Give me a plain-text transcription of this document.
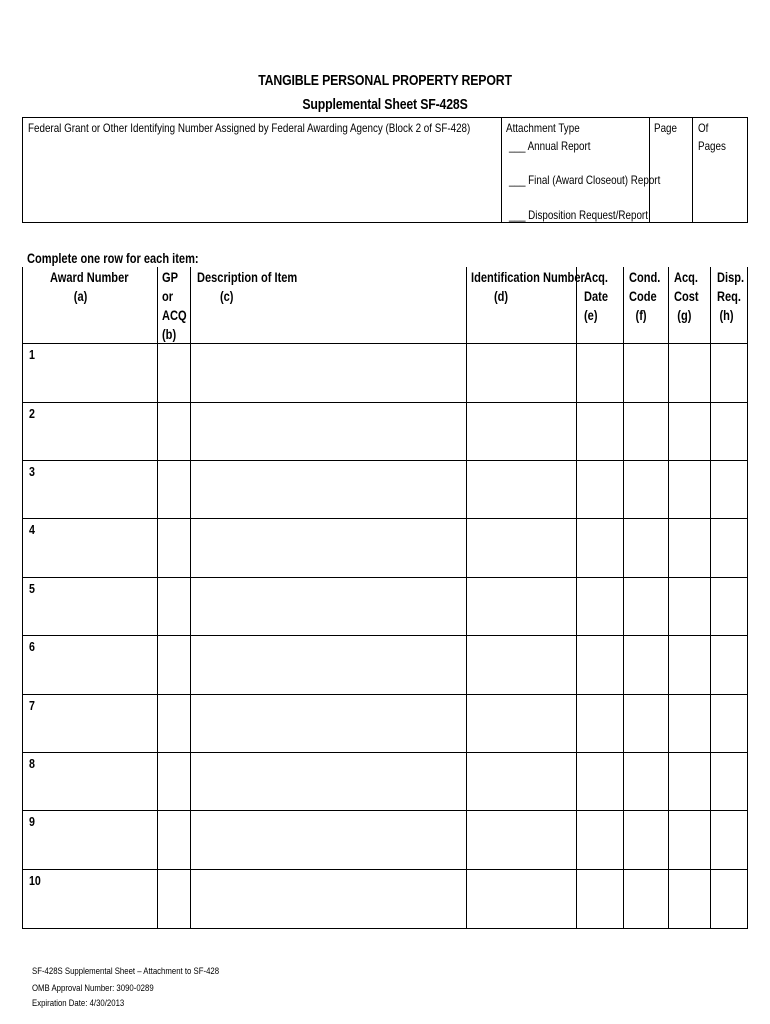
TANGIBLE PERSONAL PROPERTY REPORT
Supplemental Sheet SF-428S
Federal Grant or Other Identifying Number Assigned by Federal Awarding Agency (Block 2 of SF-428)	Attachment Type
___ Annual Report
___ Final (Award Closeout) Report
___ Disposition Request/Report
Page Of
Pages
Complete one row for each item:
Award Number
(a)
GP
or
ACQ
(b)
Description of Item
(c)
Identification Number
(d)
Acq.
Date
(e)
Cond.
Code
(f)
Acq.
Cost
(g)
Disp.
Req.
(h)
1
2
3
4
5
6
7
8
9
10
SF-428S Supplemental Sheet – Attachment to SF-428
OMB Approval Number: 3090-0289
Expiration Date: 4/30/2013
